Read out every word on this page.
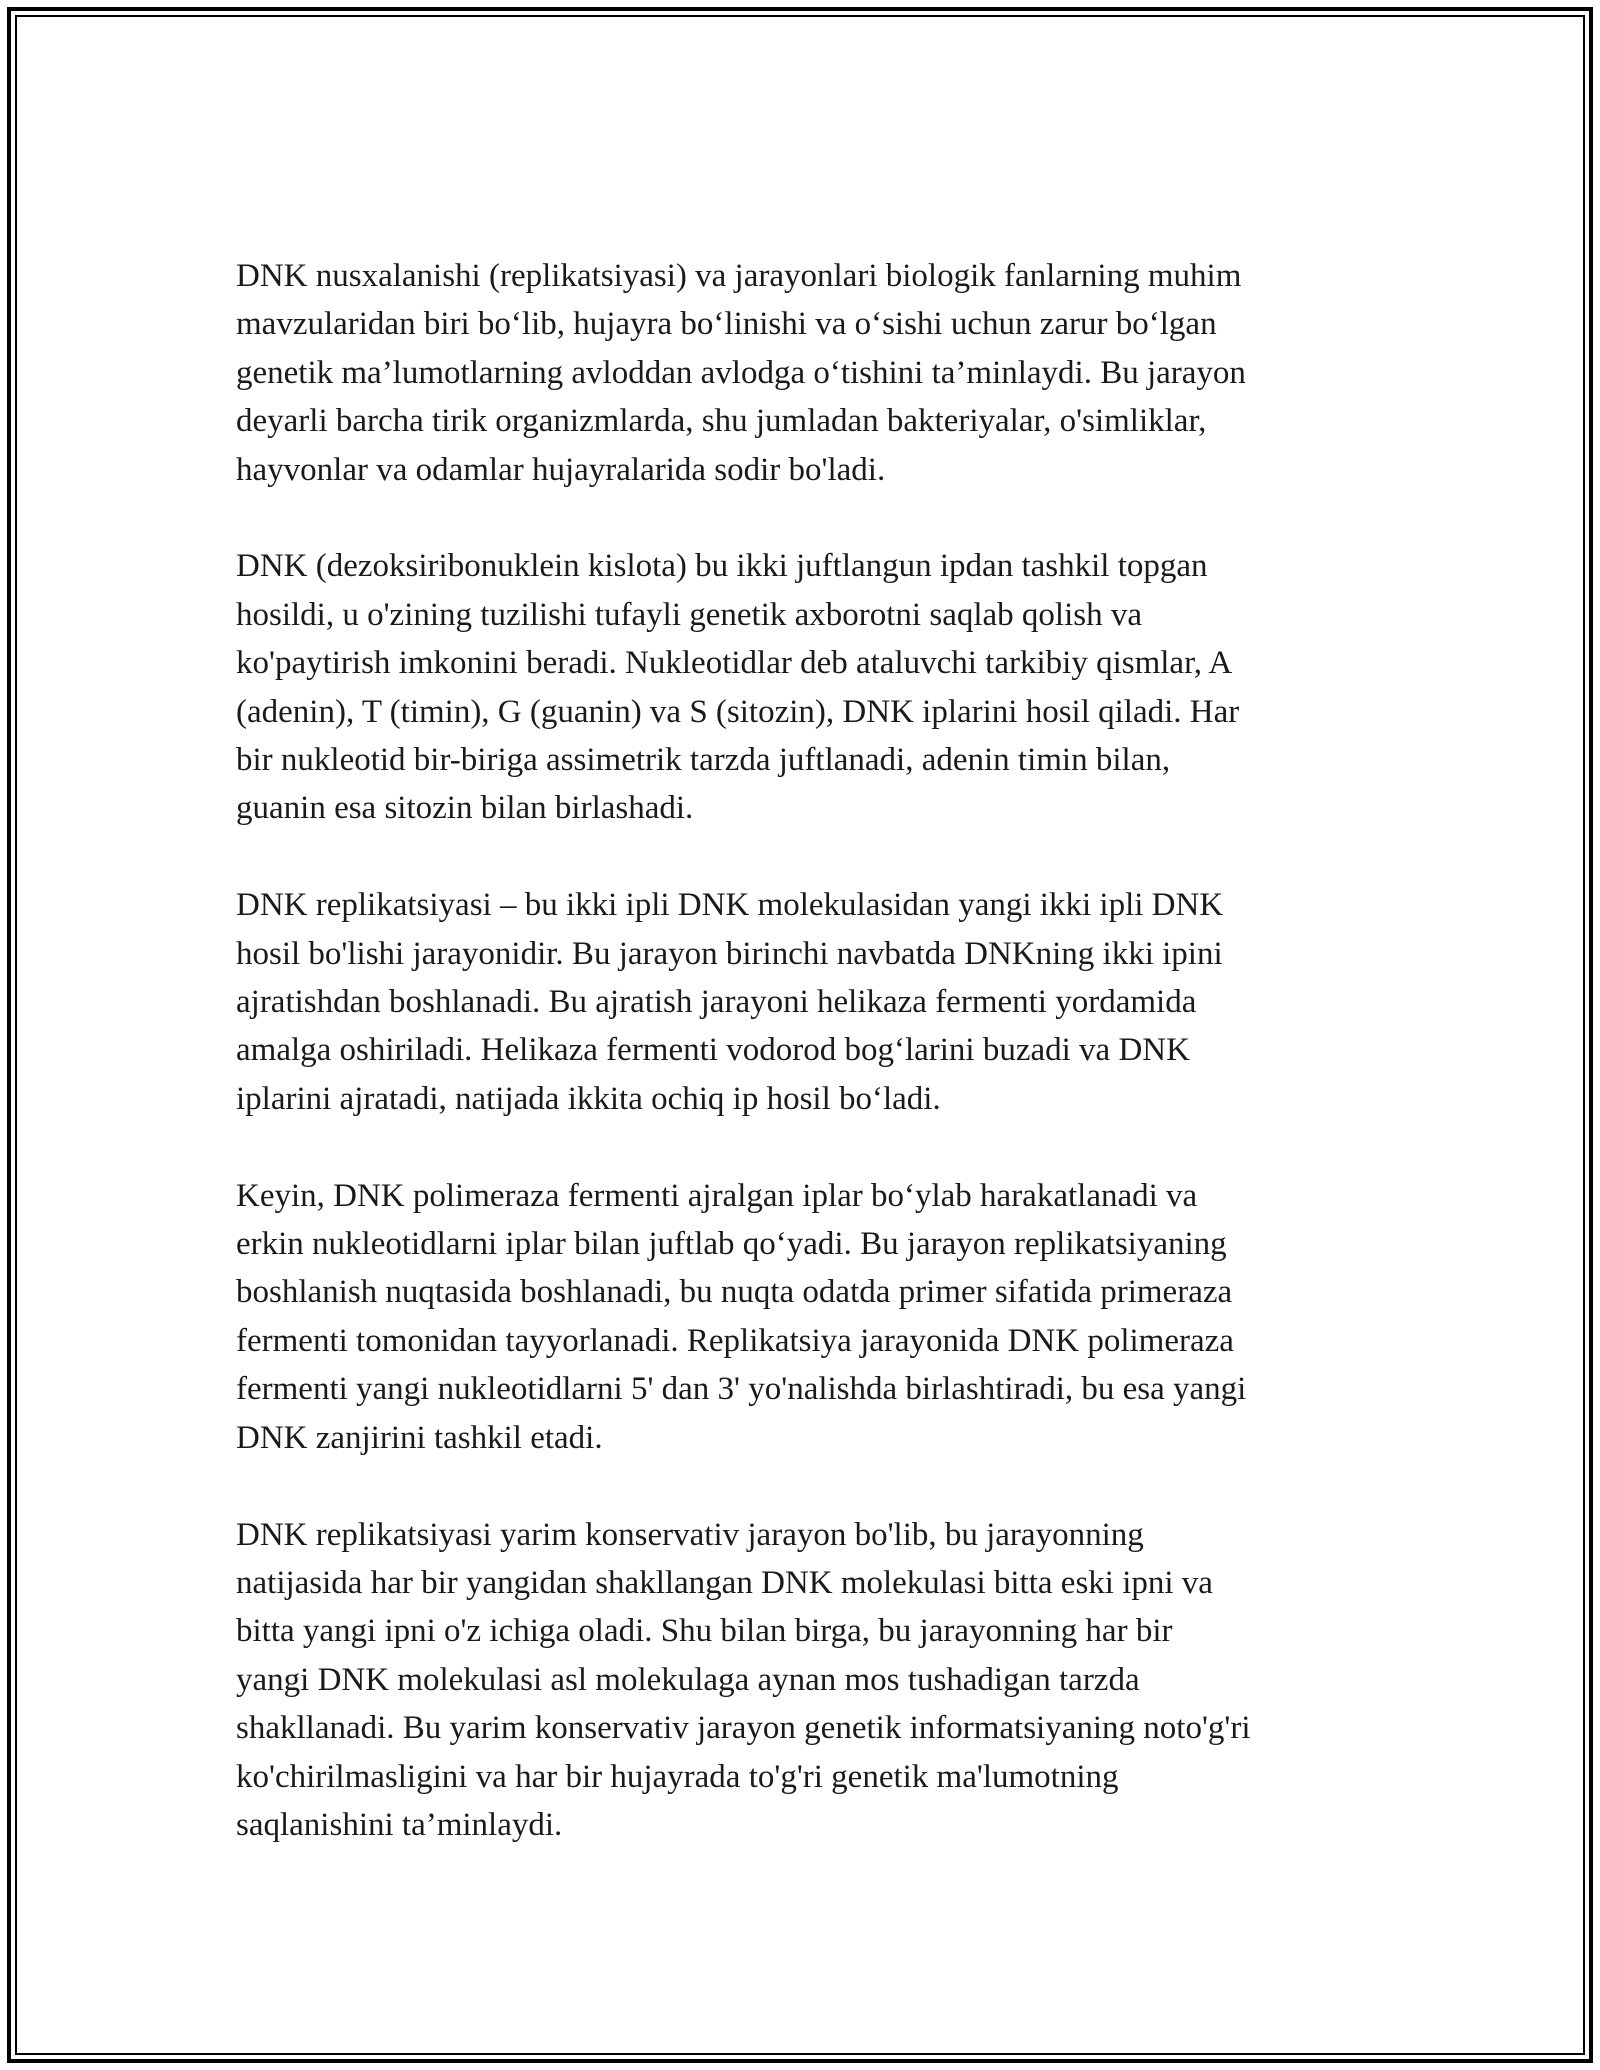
DNK nusxalanishi (replikatsiyasi) va jarayonlari biologik fanlarning muhim
mavzularidan biri bo‘lib, hujayra bo‘linishi va o‘sishi uchun zarur bo‘lgan
genetik ma’lumotlarning avloddan avlodga o‘tishini ta’minlaydi. Bu jarayon
deyarli barcha tirik organizmlarda, shu jumladan bakteriyalar, o'simliklar,
hayvonlar va odamlar hujayralarida sodir bo'ladi.

DNK (dezoksiribonuklein kislota) bu ikki juftlangun ipdan tashkil topgan
hosildi, u o'zining tuzilishi tufayli genetik axborotni saqlab qolish va
ko'paytirish imkonini beradi. Nukleotidlar deb ataluvchi tarkibiy qismlar, A
(adenin), T (timin), G (guanin) va S (sitozin), DNK iplarini hosil qiladi. Har
bir nukleotid bir-biriga assimetrik tarzda juftlanadi, adenin timin bilan,
guanin esa sitozin bilan birlashadi.

DNK replikatsiyasi – bu ikki ipli DNK molekulasidan yangi ikki ipli DNK
hosil bo'lishi jarayonidir. Bu jarayon birinchi navbatda DNKning ikki ipini
ajratishdan boshlanadi. Bu ajratish jarayoni helikaza fermenti yordamida
amalga oshiriladi. Helikaza fermenti vodorod bog‘larini buzadi va DNK
iplarini ajratadi, natijada ikkita ochiq ip hosil bo‘ladi.

Keyin, DNK polimeraza fermenti ajralgan iplar bo‘ylab harakatlanadi va
erkin nukleotidlarni iplar bilan juftlab qo‘yadi. Bu jarayon replikatsiyaning
boshlanish nuqtasida boshlanadi, bu nuqta odatda primer sifatida primeraza
fermenti tomonidan tayyorlanadi. Replikatsiya jarayonida DNK polimeraza
fermenti yangi nukleotidlarni 5' dan 3' yo'nalishda birlashtiradi, bu esa yangi
DNK zanjirini tashkil etadi.

DNK replikatsiyasi yarim konservativ jarayon bo'lib, bu jarayonning
natijasida har bir yangidan shakllangan DNK molekulasi bitta eski ipni va
bitta yangi ipni o'z ichiga oladi. Shu bilan birga, bu jarayonning har bir
yangi DNK molekulasi asl molekulaga aynan mos tushadigan tarzda
shakllanadi. Bu yarim konservativ jarayon genetik informatsiyaning noto'g'ri
ko'chirilmasligini va har bir hujayrada to'g'ri genetik ma'lumotning
saqlanishini ta’minlaydi.
